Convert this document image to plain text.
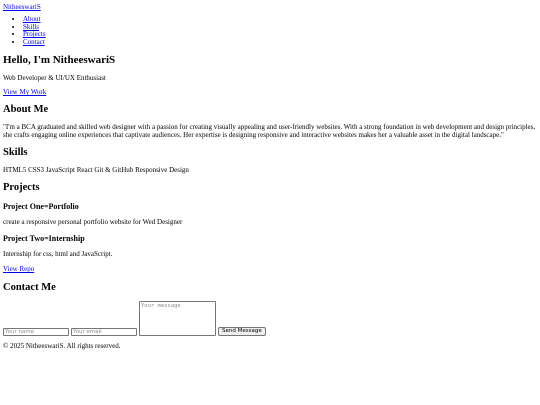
NitheeswariS
• About
• Skills
• Projects
• Contact
Hello, I'm NitheeswariS

Web Developer & UI/UX Enthusiast

View My Work
About Me

"I'm a BCA graduated and skilled web designer with a passion for creating visually appealing and user-friendly websites. With a strong foundation in web development and design principles, she crafts engaging online experiences that captivate audiences. Her expertise is designing responsive and interactive websites makes her a valuable asset in the digital landscape."

Skills

HTML5 CSS3 JavaScript React Git & GitHub Responsive Design

Projects
Project One=Portfolio

create a responsive personal portfolio website for Wed Designer

Project Two=Internship

Internship for css, html and JavaScript.

View Repo
Contact Me
Your name
Your email
Your message
Send Message

© 2025 NitheeswariS. All rights reserved.
